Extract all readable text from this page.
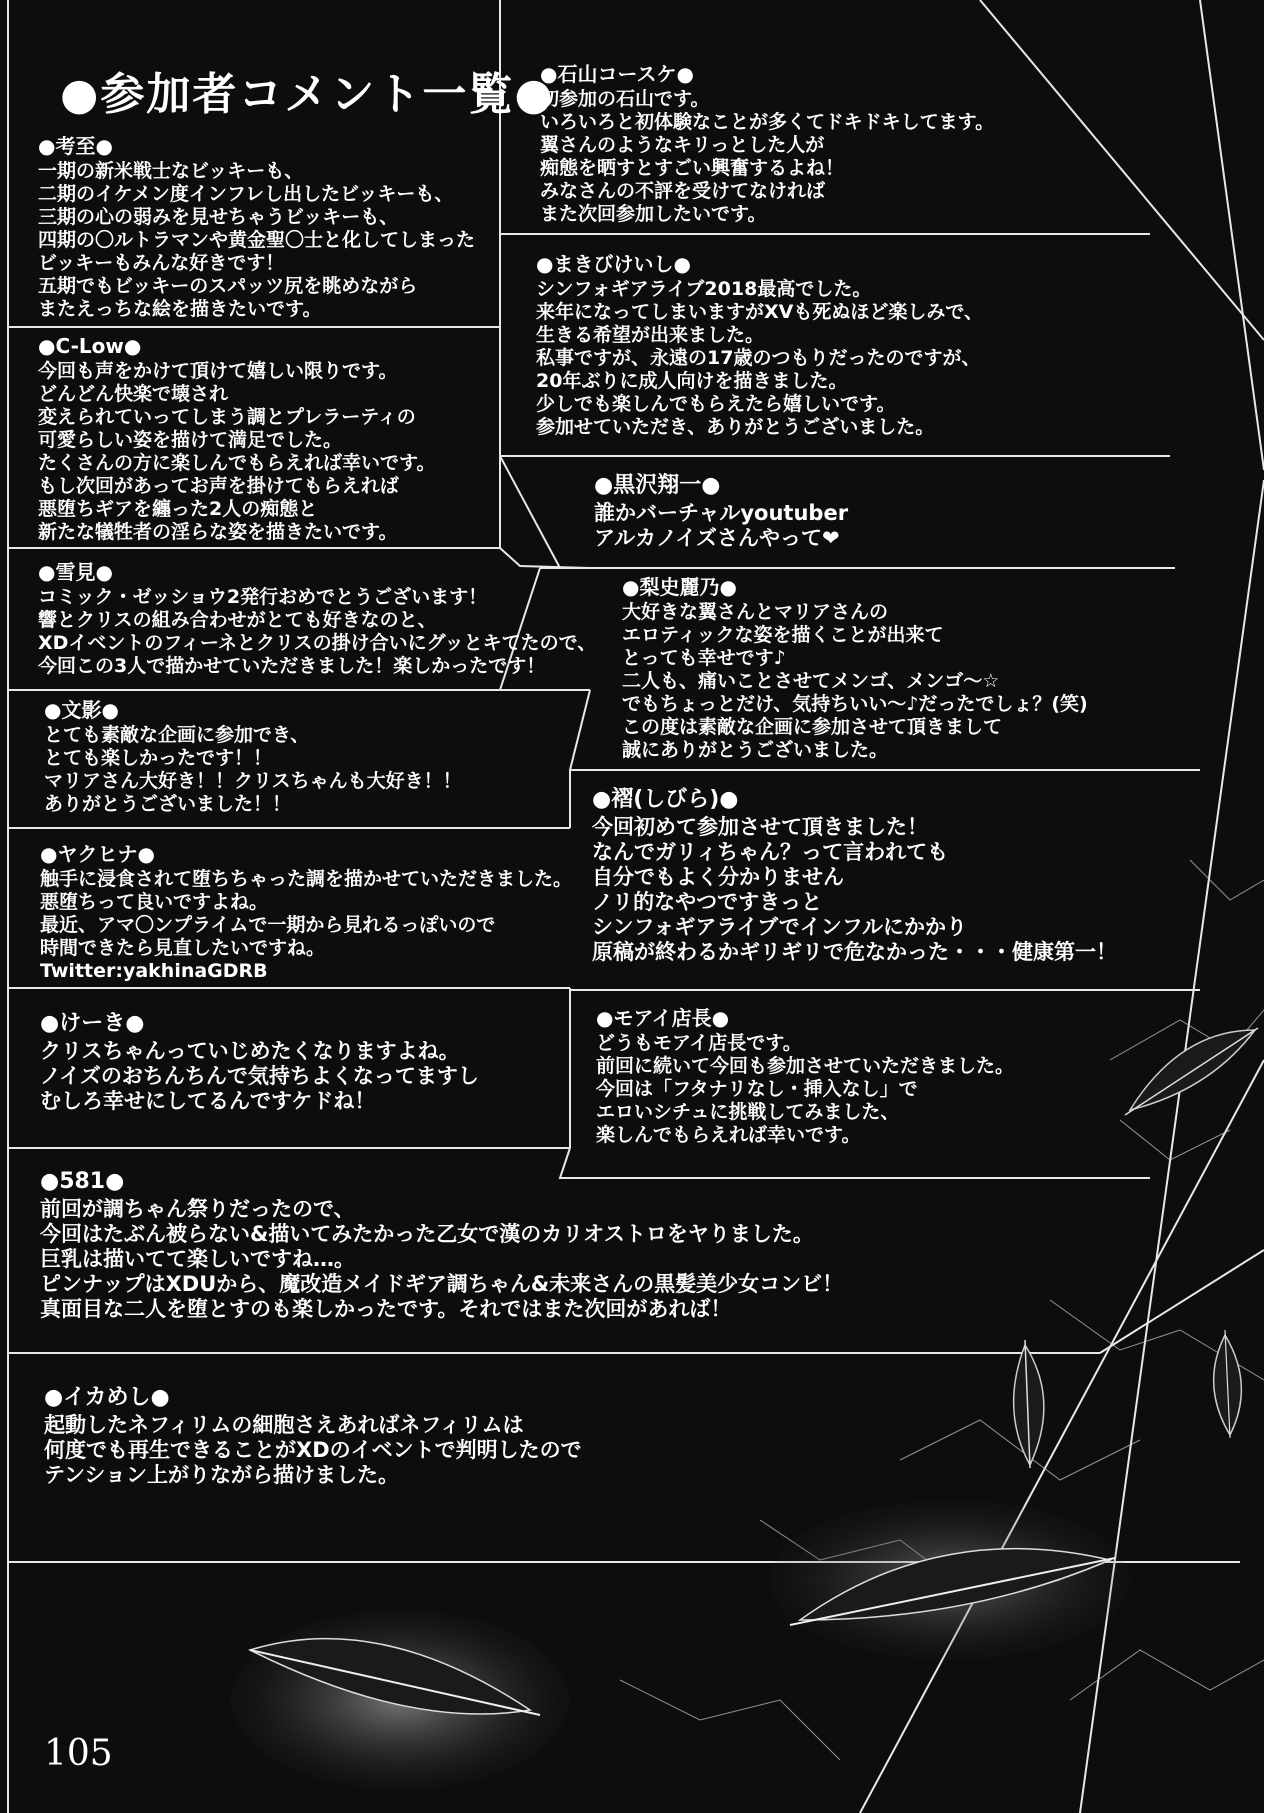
●参加者コメント一覧●
●考至●

一期の新米戦士なビッキーも、

二期のイケメン度インフレし出したビッキーも、

三期の心の弱みを見せちゃうビッキーも、

四期の〇ルトラマンや黄金聖〇士と化してしまった

ビッキーもみんな好きです！

五期でもビッキーのスパッツ尻を眺めながら

またえっちな絵を描きたいです。

●C-Low●

今回も声をかけて頂けて嬉しい限りです。

どんどん快楽で壊され

変えられていってしまう調とプレラーティの

可愛らしい姿を描けて満足でした。

たくさんの方に楽しんでもらえれば幸いです。

もし次回があってお声を掛けてもらえれば

悪堕ちギアを纏った2人の痴態と

新たな犠牲者の淫らな姿を描きたいです。

●雪見●

コミック・ゼッショウ2発行おめでとうございます！

響とクリスの組み合わせがとても好きなのと、

XDイベントのフィーネとクリスの掛け合いにグッとキてたので、

今回この3人で描かせていただきました！楽しかったです！

●文影●

とても素敵な企画に参加でき、

とても楽しかったです！！

マリアさん大好き！！クリスちゃんも大好き！！

ありがとうございました！！

●ヤクヒナ●

触手に浸食されて堕ちちゃった調を描かせていただきました。

悪堕ちって良いですよね。

最近、アマ〇ンプライムで一期から見れるっぽいので

時間できたら見直したいですね。

Twitter:yakhinaGDRB

●けーき●

クリスちゃんっていじめたくなりますよね。

ノイズのおちんちんで気持ちよくなってますし

むしろ幸せにしてるんですケドね！

●581●

前回が調ちゃん祭りだったので、

今回はたぶん被らない&描いてみたかった乙女で漢のカリオストロをヤりました。

巨乳は描いてて楽しいですね…。

ピンナップはXDUから、魔改造メイドギア調ちゃん&未来さんの黒髪美少女コンビ！

真面目な二人を堕とすのも楽しかったです。それではまた次回があれば！

●イカめし●

起動したネフィリムの細胞さえあればネフィリムは

何度でも再生できることがXDのイベントで判明したので

テンション上がりながら描けました。

●石山コースケ●

初参加の石山です。

いろいろと初体験なことが多くてドキドキしてます。

翼さんのようなキリっとした人が

痴態を晒すとすごい興奮するよね！

みなさんの不評を受けてなければ

また次回参加したいです。

●まきびけいし●

シンフォギアライブ2018最高でした。

来年になってしまいますがXVも死ぬほど楽しみで、

生きる希望が出来ました。

私事ですが、永遠の17歳のつもりだったのですが、

20年ぶりに成人向けを描きました。

少しでも楽しんでもらえたら嬉しいです。

参加せていただき、ありがとうございました。

●黒沢翔一●

誰かバーチャルyoutuber

アルカノイズさんやって❤

●梨史麗乃●

大好きな翼さんとマリアさんの

エロティックな姿を描くことが出来て

とっても幸せです♪

二人も、痛いことさせてメンゴ、メンゴ～☆

でもちょっとだけ、気持ちいい～♪だったでしょ？(笑)

この度は素敵な企画に参加させて頂きまして

誠にありがとうございました。

●褶(しびら)●

今回初めて参加させて頂きました！

なんでガリィちゃん？って言われても

自分でもよく分かりません

ノリ的なやつですきっと

シンフォギアライブでインフルにかかり

原稿が終わるかギリギリで危なかった・・・健康第一！

●モアイ店長●

どうもモアイ店長です。

前回に続いて今回も参加させていただきました。

今回は「フタナリなし・挿入なし」で

エロいシチュに挑戦してみました、

楽しんでもらえれば幸いです。

105
